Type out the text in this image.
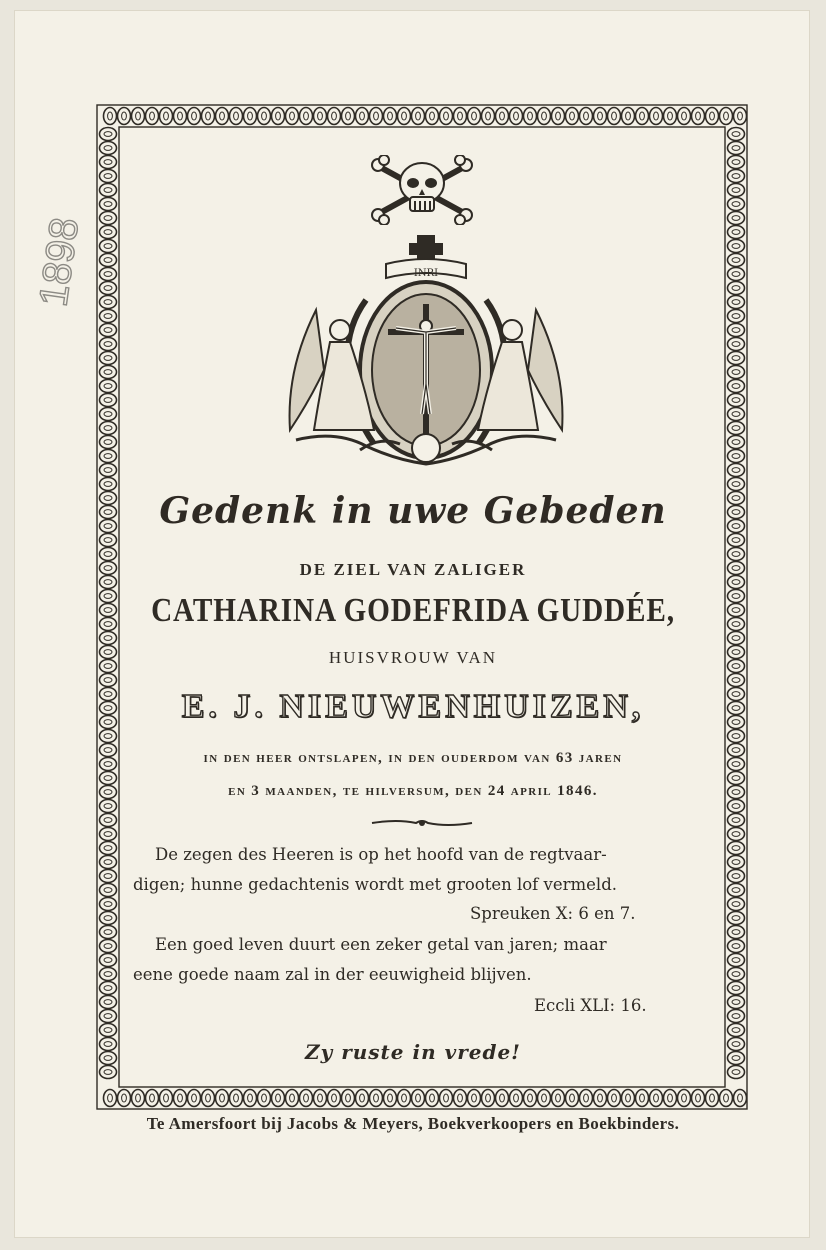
1898	INRI
Gedenk in uwe Gebeden
DE ZIEL VAN ZALIGER
CATHARINA GODEFRIDA GUDDÉE,
HUISVROUW VAN
E. J. NIEUWENHUIZEN,
in den heer ontslapen, in den ouderdom van 63 jaren
en 3 maanden, te hilversum, den 24 april 1846.
De zegen des Heeren is op het hoofd van de regtvaar-
digen; hunne gedachtenis wordt met grooten lof vermeld.
Spreuken X: 6 en 7.
Een goed leven duurt een zeker getal van jaren; maar
eene goede naam zal in der eeuwigheid blijven.
Eccli XLI: 16.
Zy ruste in vrede!
Te Amersfoort bij Jacobs & Meyers, Boekverkoopers en Boekbinders.
